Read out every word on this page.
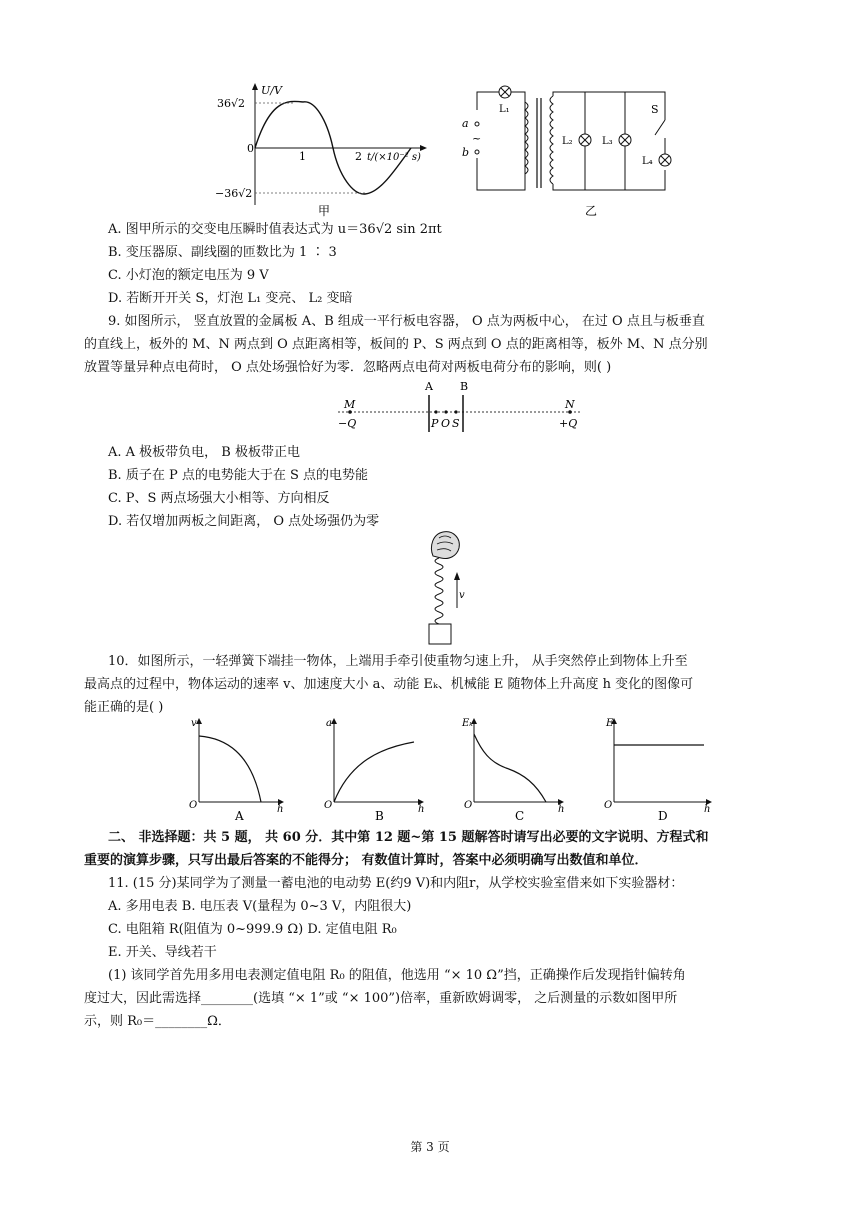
U/V
36√2
0
−36√2
1	2 t/(×10⁻² s)
甲
a
~
b
L₁
L₂	L₃
S
L₄
乙
A. 图甲所示的交变电压瞬时值表达式为 u＝36√2 sin 2πt
B. 变压器原、副线圈的匝数比为 1 ∶ 3
C. 小灯泡的额定电压为 9 V
D. 若断开开关 S，灯泡 L₁ 变亮、 L₂ 变暗
9. 如图所示， 竖直放置的金属板 A、B 组成一平行板电容器， O 点为两板中心， 在过 O 点且与板垂直
的直线上，板外的 M、N 两点到 O 点距离相等，板间的 P、S 两点到 O 点的距离相等，板外 M、N 点分别
放置等量异种点电荷时， O 点处场强恰好为零．忽略两点电荷对两板电荷分布的影响，则( )
A B
M
−Q
N
+Q
P O S
A. A 极板带负电， B 极板带正电
B. 质子在 P 点的电势能大于在 S 点的电势能
C. P、S 两点场强大小相等、方向相反
D. 若仅增加两板之间距离， O 点处场强仍为零
v
10．如图所示，一轻弹簧下端挂一物体，上端用手牵引使重物匀速上升， 从手突然停止到物体上升至
最高点的过程中，物体运动的速率 v、加速度大小 a、动能 Eₖ、机械能 E 随物体上升高度 h 变化的图像可
能正确的是( )
v
O	h
A
a
O	h
B
Eₖ
O	h
C
E
O	h
D
二、 非选择题：共 5 题， 共 60 分．其中第 12 题~第 15 题解答时请写出必要的文字说明、方程式和
重要的演算步骤，只写出最后答案的不能得分； 有数值计算时，答案中必须明确写出数值和单位．
11. (15 分)某同学为了测量一蓄电池的电动势 E(约9 V)和内阻r，从学校实验室借来如下实验器材：
A. 多用电表 B. 电压表 V(量程为 0~3 V，内阻很大)
C. 电阻箱 R(阻值为 0~999.9 Ω) D. 定值电阻 R₀
E. 开关、导线若干
(1) 该同学首先用多用电表测定值电阻 R₀ 的阻值，他选用 “× 10 Ω”挡，正确操作后发现指针偏转角
度过大，因此需选择________(选填 “× 1”或 “× 100”)倍率，重新欧姆调零， 之后测量的示数如图甲所
示，则 R₀＝________Ω．
第 3 页
